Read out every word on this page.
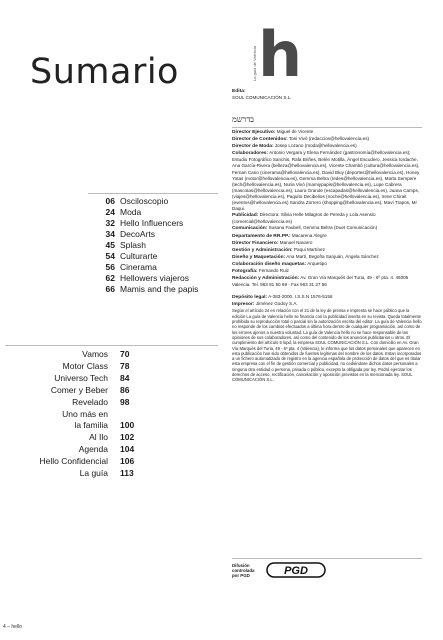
Sumario	La guía de Valencia h
06 Osciloscopio
24 Moda
32 Hello Influencers
34 DecoArts
45 Splash
54 Culturarte
56 Cinerama
62 Hellowers viajeros
66 Mamis and the papis
Vamos 70
Motor Class 78
Universo Tech 84
Comer y Beber 86
Revelado 98
Uno más en
la familia 100
Al Ilo 102
Agenda 104
Hello Confidencial 106
La guía 113
Edita:
SOUL COMUNICACIÓN S.L.
בדרשמ
Director Ejecutivo: Miguel de Vicente
Director de Contenidos: Toni Vivó (redaccion@hellovalencia.es)
Director de Moda: Josep Lozano (moda@hellovalencia.es)
Colaboradores: Antonio Vergara y Elena Fernández (gastronomía@hellovalencia.es); Estudio Fotográfico Sanchis, Rafa Briñes, Belén Motilla, Ángel Escudero, Jessica Iordache, Ana García-Rivera (belleza@hellovalencia.es), Vicente Chambó (cultura@hellovalencia.es), Fernan Cano (cinerama@hellovalencia.es), David Bluy (deportes@hellovalencia.es), Honey Yotas (motor@hellovalencia.es), Gemma Beltra (redes@hellovalencia.es), Marta Sempere (tech@hellovalencia.es), Nuria Vivó (mamiypapis@hellovalencia.es), Lupe Cabrera (mascotas@hellovalencia.es), Laura Grande (escapadas@hellovalencia.es), Juana Camps, (viajes@hellovalencia.es), Paquito Decibelios (noche@hellovalencia.es), Irene Chirait (eventos@hellovalencia.es) Sandra Zorrero (shopping@hellovalencia.es), Maví Trapos, Mr Daqui.
Publicidad: Directora: Silvia Helle Milagros de Pereda y Lola Asensio (comercial@hellovalencia.es)
Comunicación: Susana Faubell, Gemma Beltra (Duet Comunicación)
Departamento de RR.PP.: Macarena Alegre
Director Financiero: Manuel Navarro
Gestión y Administración: Paqui Martínez
Diseño y Maquetación: Ana Martí, Begoña Sanjuán, Ángela Sánchez
Colaboración diseño maquetas: Arquetipo
Fotografía: Fernando Ruiz
Redacción y Administración: Av. Gran Vía Marqués del Turia, 49 - 6º pta. 4. 46005 Valencia. Tel. 963 81 50 69 · Fax 963 31 27 56
Depósito legal: A-383-2000. I.S.S.N 1576-5156
Impresor: Jiménez Godoy S.A.
Según el artículo 24 en relación con el 21 de la ley de prensa e imprenta se hace público que la edición La guía de Valencia hello se financia con la publicidad inserta en su revista. Queda totalmente prohibida su reproducción total o parcial sin la autorización escrita del editor. La guía de Valencia hello no responde de los cambios efectuados a última hora dentro de cualquier programación, así como de los errores ajenos a nuestra voluntad. La guía de Valencia hello no se hace responsable de las opiniones de sus colaboradores, así como del contenido de los anuncios publicitarios u otros. El cumplimiento del artículo 5 lopd, la empresa SOUL COMUNICACIÓN S.L. Con domicilio en Av. Gran Vía Marqués del Turia, 49 - 6º pta. 4 (Valencia), le informa que los datos personales que aparecen en esta publicación han sido obtenidos de fuentes legítimas del nombre de los datos. Estan incorporados a un fichero automatizado de registro en la agencia española de protección de datos del que es titular esta empresa con el fin de gestión comercial y publicidad, no cediéndose dichos datos personales a ninguna otra entidad o persona, privada o pública, excepto la obligada por ley. Podrá ejercitar los derechos de acceso, rectificación, cancelación y oposición previstos en la mencionada ley. SOUL COMUNICACIÓN S.L.
Difusión
controlada
por PGD	PGD
4 – hello
